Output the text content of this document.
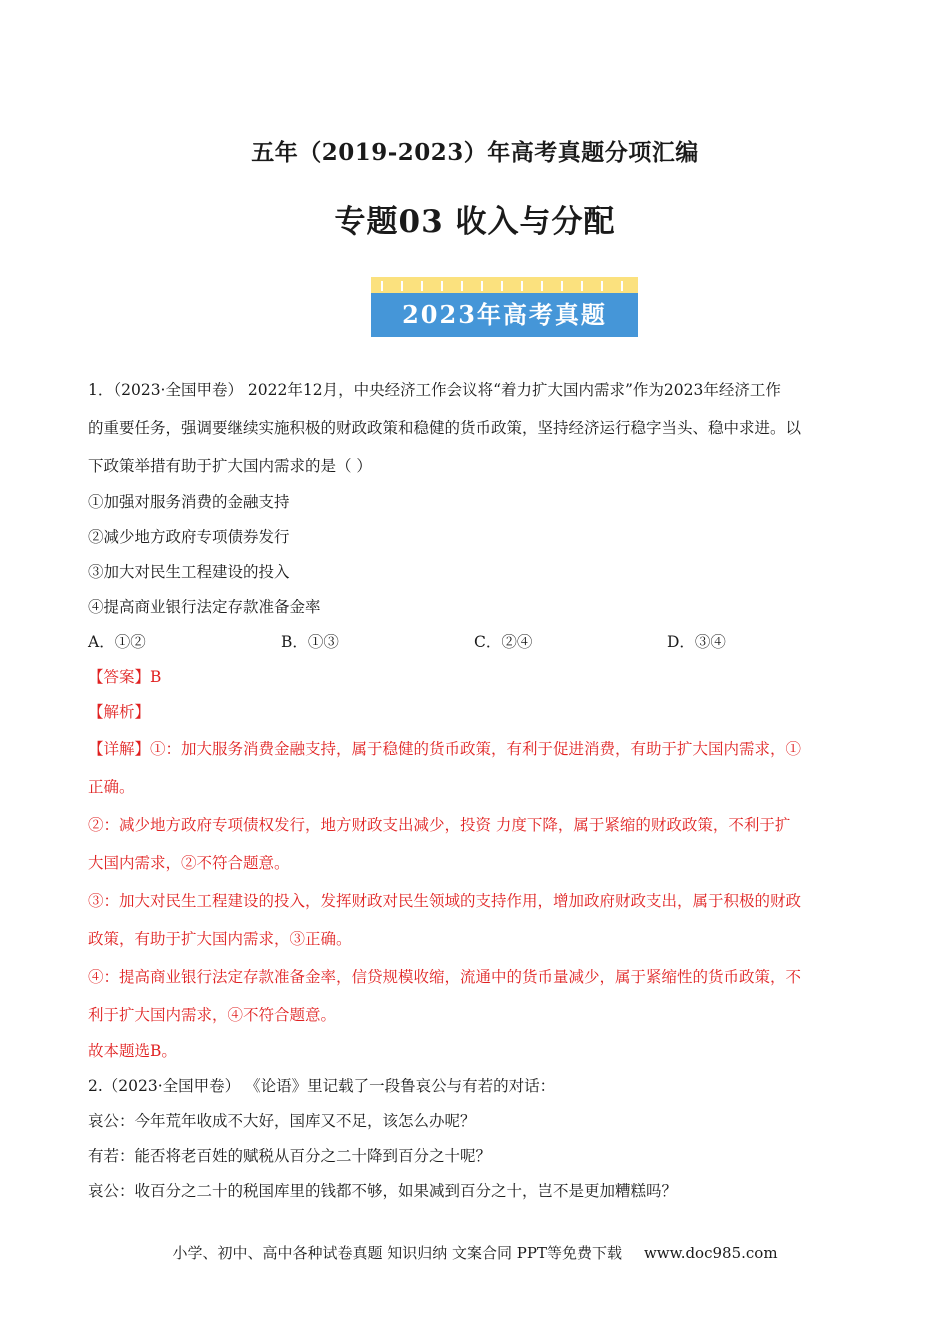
五年（2019-2023）年高考真题分项汇编
专题03 收入与分配
2023年高考真题
1．（2023·全国甲卷） 2022年12月，中央经济工作会议将“着力扩大国内需求”作为2023年经济工作
的重要任务，强调要继续实施积极的财政政策和稳健的货币政策，坚持经济运行稳字当头、稳中求进。以
下政策举措有助于扩大国内需求的是（ ）
①加强对服务消费的金融支持
②减少地方政府专项债券发行
③加大对民生工程建设的投入
④提高商业银行法定存款准备金率
A．①②	B．①③	C．②④	D．③④
【答案】B
【解析】
【详解】①：加大服务消费金融支持，属于稳健的货币政策，有利于促进消费，有助于扩大国内需求，①
正确。
②：减少地方政府专项债权发行，地方财政支出减少，投资 力度下降，属于紧缩的财政政策，不利于扩
大国内需求，②不符合题意。
③：加大对民生工程建设的投入，发挥财政对民生领域的支持作用，增加政府财政支出，属于积极的财政
政策，有助于扩大国内需求，③正确。
④：提高商业银行法定存款准备金率，信贷规模收缩，流通中的货币量减少，属于紧缩性的货币政策，不
利于扩大国内需求，④不符合题意。
故本题选B。
2.（2023·全国甲卷） 《论语》里记载了一段鲁哀公与有若的对话：
哀公：今年荒年收成不大好，国库又不足，该怎么办呢？
有若：能否将老百姓的赋税从百分之二十降到百分之十呢？
哀公：收百分之二十的税国库里的钱都不够，如果减到百分之十，岂不是更加糟糕吗？
小学、初中、高中各种试卷真题 知识归纳 文案合同 PPT等免费下载 www.doc985.com
